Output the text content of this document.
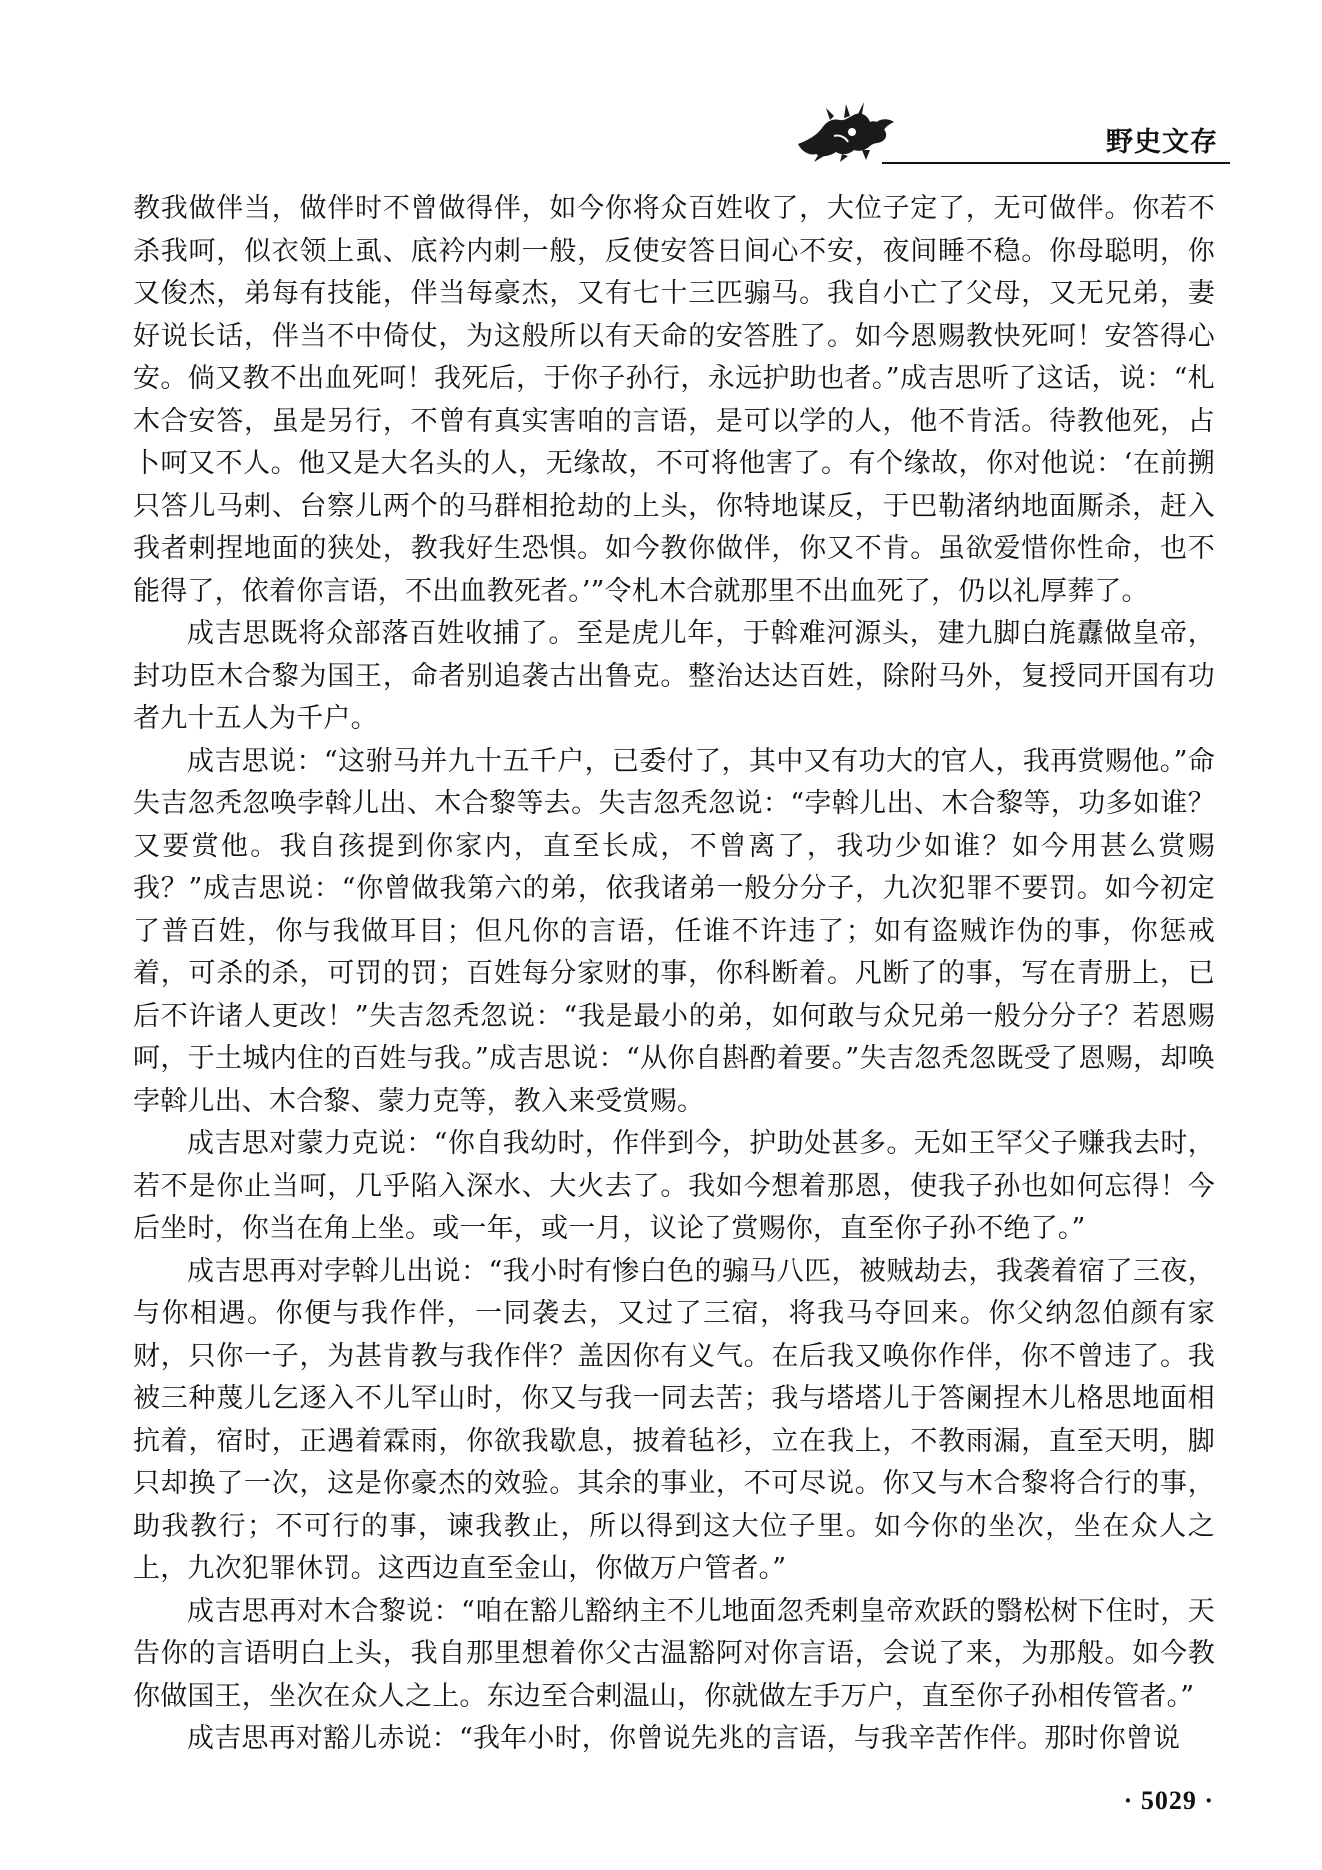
野史文存

教我做伴当，做伴时不曾做得伴，如今你将众百姓收了，大位子定了，无可做伴。你若不杀我呵，似衣领上虱、底衿内刺一般，反使安答日间心不安，夜间睡不稳。你母聪明，你又俊杰，弟每有技能，伴当每豪杰，又有七十三匹骟马。我自小亡了父母，又无兄弟，妻好说长话，伴当不中倚仗，为这般所以有天命的安答胜了。如今恩赐教快死呵！安答得心安。倘又教不出血死呵！我死后，于你子孙行，永远护助也者。”成吉思听了这话，说：“札木合安答，虽是另行，不曾有真实害咱的言语，是可以学的人，他不肯活。待教他死，占卜呵又不人。他又是大名头的人，无缘故，不可将他害了。有个缘故，你对他说：‘在前搠只答儿马剌、台察儿两个的马群相抢劫的上头，你特地谋反，于巴勒渚纳地面厮杀，赶入我者剌捏地面的狭处，教我好生恐惧。如今教你做伴，你又不肯。虽欲爱惜你性命，也不能得了，依着你言语，不出血教死者。’”令札木合就那里不出血死了，仍以礼厚葬了。

成吉思既将众部落百姓收捕了。至是虎儿年，于斡难河源头，建九脚白旄纛做皇帝，封功臣木合黎为国王，命者别追袭古出鲁克。整治达达百姓，除附马外，复授同开国有功者九十五人为千户。

成吉思说：“这驸马并九十五千户，已委付了，其中又有功大的官人，我再赏赐他。”命失吉忽秃忽唤孛斡儿出、木合黎等去。失吉忽秃忽说：“孛斡儿出、木合黎等，功多如谁？又要赏他。我自孩提到你家内，直至长成，不曾离了，我功少如谁？如今用甚么赏赐我？”成吉思说：“你曾做我第六的弟，依我诸弟一般分分子，九次犯罪不要罚。如今初定了普百姓，你与我做耳目；但凡你的言语，任谁不许违了；如有盗贼诈伪的事，你惩戒着，可杀的杀，可罚的罚；百姓每分家财的事，你科断着。凡断了的事，写在青册上，已后不许诸人更改！”失吉忽秃忽说：“我是最小的弟，如何敢与众兄弟一般分分子？若恩赐呵，于土城内住的百姓与我。”成吉思说：“从你自斟酌着要。”失吉忽秃忽既受了恩赐，却唤孛斡儿出、木合黎、蒙力克等，教入来受赏赐。

成吉思对蒙力克说：“你自我幼时，作伴到今，护助处甚多。无如王罕父子赚我去时，若不是你止当呵，几乎陷入深水、大火去了。我如今想着那恩，使我子孙也如何忘得！今后坐时，你当在角上坐。或一年，或一月，议论了赏赐你，直至你子孙不绝了。”

成吉思再对孛斡儿出说：“我小时有惨白色的骟马八匹，被贼劫去，我袭着宿了三夜，与你相遇。你便与我作伴，一同袭去，又过了三宿，将我马夺回来。你父纳忽伯颜有家财，只你一子，为甚肯教与我作伴？盖因你有义气。在后我又唤你作伴，你不曾违了。我被三种蔑儿乞逐入不儿罕山时，你又与我一同去苦；我与塔塔儿于答阑捏木儿格思地面相抗着，宿时，正遇着霖雨，你欲我歇息，披着毡衫，立在我上，不教雨漏，直至天明，脚只却换了一次，这是你豪杰的效验。其余的事业，不可尽说。你又与木合黎将合行的事，助我教行；不可行的事，谏我教止，所以得到这大位子里。如今你的坐次，坐在众人之上，九次犯罪休罚。这西边直至金山，你做万户管者。”

成吉思再对木合黎说：“咱在豁儿豁纳主不儿地面忽秃剌皇帝欢跃的翳松树下住时，天告你的言语明白上头，我自那里想着你父古温豁阿对你言语，会说了来，为那般。如今教你做国王，坐次在众人之上。东边至合剌温山，你就做左手万户，直至你子孙相传管者。”

成吉思再对豁儿赤说：“我年小时，你曾说先兆的言语，与我辛苦作伴。那时你曾说

· 5029 ·
